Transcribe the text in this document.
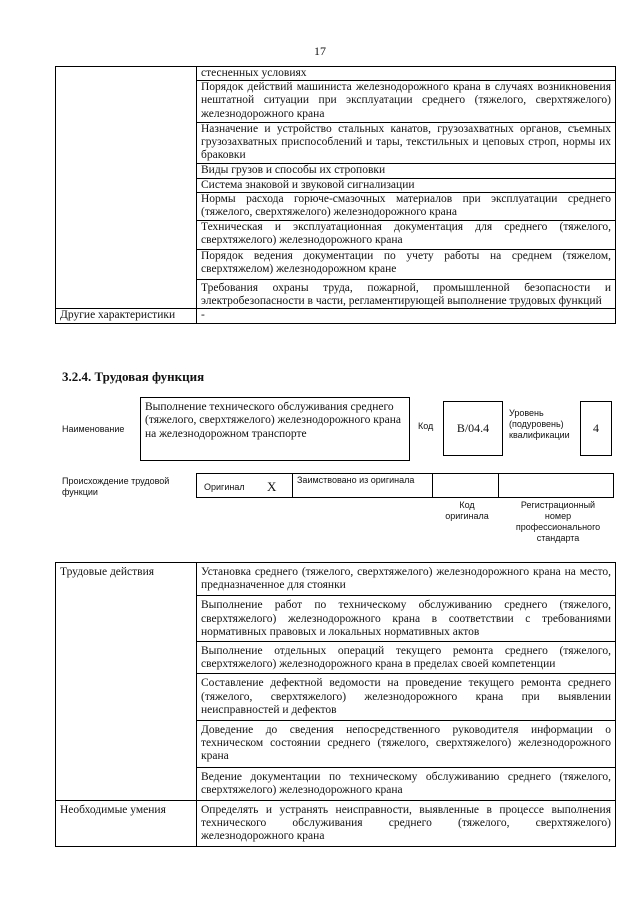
17
	стесненных условиях
	Порядок действий машиниста железнодорожного крана в случаях возникновения нештатной ситуации при эксплуатации среднего (тяжелого, сверхтяжелого) железнодорожного крана
	Назначение и устройство стальных канатов, грузозахватных органов, съемных грузозахватных приспособлений и тары, текстильных и цеповых строп, нормы их браковки
	Виды грузов и способы их строповки
	Система знаковой и звуковой сигнализации
	Нормы расхода горюче-смазочных материалов при эксплуатации среднего (тяжелого, сверхтяжелого) железнодорожного крана
	Техническая и эксплуатационная документация для среднего (тяжелого, сверхтяжелого) железнодорожного крана
	Порядок ведения документации по учету работы на среднем (тяжелом, сверхтяжелом) железнодорожном кране
	Требования охраны труда, пожарной, промышленной безопасности и электробезопасности в части, регламентирующей выполнение трудовых функций
Другие характеристики	-
3.2.4. Трудовая функция
Наименование
Выполнение технического обслуживания среднего (тяжелого, сверхтяжелого) железнодорожного крана на железнодорожном транспорте
Код	B/04.4
Уровень (подуровень) квалификации	4
Происхождение трудовой функции	Оригинал X Заимствовано из оригинала
Код оригинала
Регистрационный номер профессионального стандарта
Трудовые действия	Установка среднего (тяжелого, сверхтяжелого) железнодорожного крана на место, предназначенное для стоянки
	Выполнение работ по техническому обслуживанию среднего (тяжелого, сверхтяжелого) железнодорожного крана в соответствии с требованиями нормативных правовых и локальных нормативных актов
	Выполнение отдельных операций текущего ремонта среднего (тяжелого, сверхтяжелого) железнодорожного крана в пределах своей компетенции
	Составление дефектной ведомости на проведение текущего ремонта среднего (тяжелого, сверхтяжелого) железнодорожного крана при выявлении неисправностей и дефектов
	Доведение до сведения непосредственного руководителя информации о техническом состоянии среднего (тяжелого, сверхтяжелого) железнодорожного крана
	Ведение документации по техническому обслуживанию среднего (тяжелого, сверхтяжелого) железнодорожного крана
Необходимые умения	Определять и устранять неисправности, выявленные в процессе выполнения технического обслуживания среднего (тяжелого, сверхтяжелого) железнодорожного крана
